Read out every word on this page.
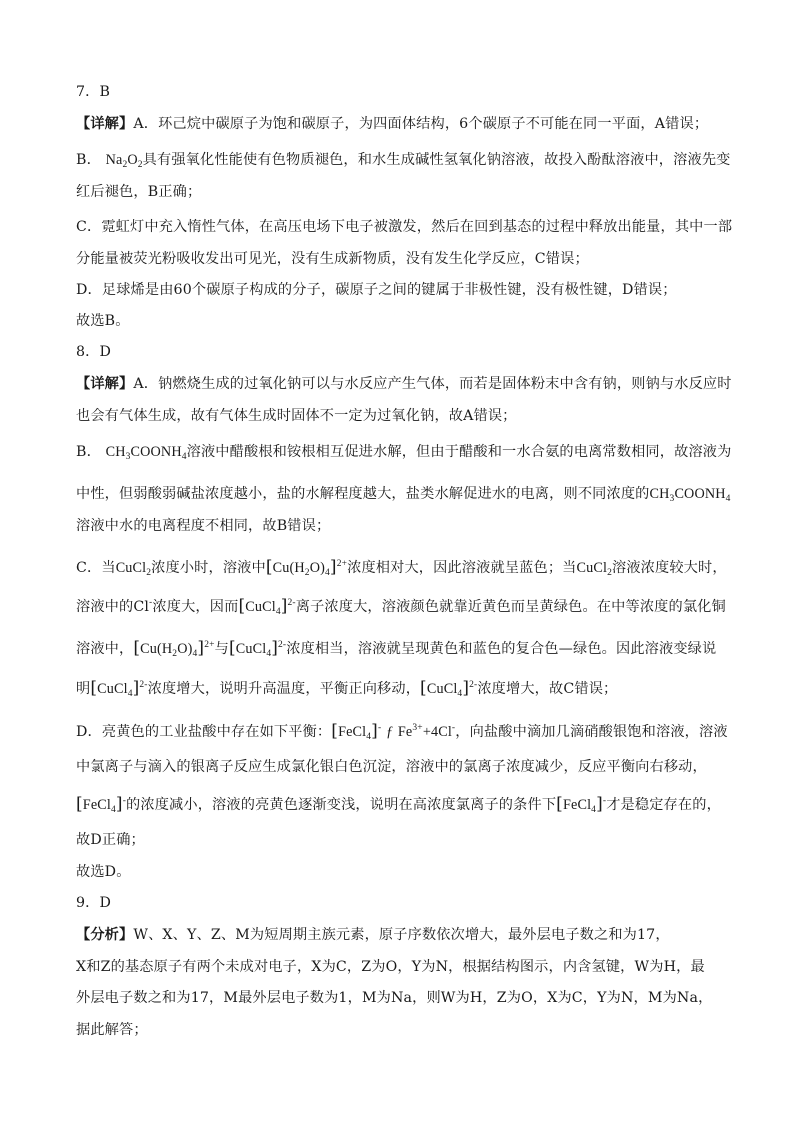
7．B
【详解】A．环己烷中碳原子为饱和碳原子，为四面体结构，6个碳原子不可能在同一平面，A错误；
B． $Na_2O_2$具有强氧化性能使有色物质褪色，和水生成碱性氢氧化钠溶液，故投入酚酞溶液中，溶液先变
红后褪色，B正确；
C．霓虹灯中充入惰性气体，在高压电场下电子被激发，然后在回到基态的过程中释放出能量，其中一部
分能量被荧光粉吸收发出可见光，没有生成新物质，没有发生化学反应，C错误；
D．足球烯是由60个碳原子构成的分子，碳原子之间的键属于非极性键，没有极性键，D错误；
故选B。
8．D
【详解】A．钠燃烧生成的过氧化钠可以与水反应产生气体，而若是固体粉末中含有钠，则钠与水反应时
也会有气体生成，故有气体生成时固体不一定为过氧化钠，故A错误；
B． $CH_3COONH_4$溶液中醋酸根和铵根相互促进水解，但由于醋酸和一水合氨的电离常数相同，故溶液为
中性，但弱酸弱碱盐浓度越小，盐的水解程度越大，盐类水解促进水的电离，则不同浓度的$CH_3COONH_4$
溶液中水的电离程度不相同，故B错误；
C．当CuCl$_2$浓度小时，溶液中$[Cu(H_2O)_4]^{2+}$浓度相对大，因此溶液就呈蓝色；当CuCl$_2$溶液浓度较大时，
溶液中的Cl-浓度大，因而[CuCl$_4$]$^{2-}$离子浓度大，溶液颜色就靠近黄色而呈黄绿色。在中等浓度的氯化铜
溶液中，$[Cu(H_2O)_4]^{2+}$与[CuCl$_4$]$^{2-}$浓度相当，溶液就呈现黄色和蓝色的复合色—绿色。因此溶液变绿说
明[CuCl$_4$]$^{2-}$浓度增大，说明升高温度，平衡正向移动，[CuCl$_4$]$^{2-}$浓度增大，故C错误；
D．亮黄色的工业盐酸中存在如下平衡：[FeCl$_4$]- ƒ $Fe^{3+}+4Cl^-$，向盐酸中滴加几滴硝酸银饱和溶液，溶液
中氯离子与滴入的银离子反应生成氯化银白色沉淀，溶液中的氯离子浓度减少，反应平衡向右移动，
[FeCl$_4$]-的浓度减小，溶液的亮黄色逐渐变浅，说明在高浓度氯离子的条件下[FeCl$_4$]-才是稳定存在的，
故D正确；
故选D。
9．D
【分析】W、X、Y、Z、M为短周期主族元素，原子序数依次增大，最外层电子数之和为17，
X和Z的基态原子有两个未成对电子，X为C，Z为O，Y为N，根据结构图示，内含氢键，W为H，最
外层电子数之和为17，M最外层电子数为1，M为Na，则W为H，Z为O，X为C，Y为N，M为Na，
据此解答；
